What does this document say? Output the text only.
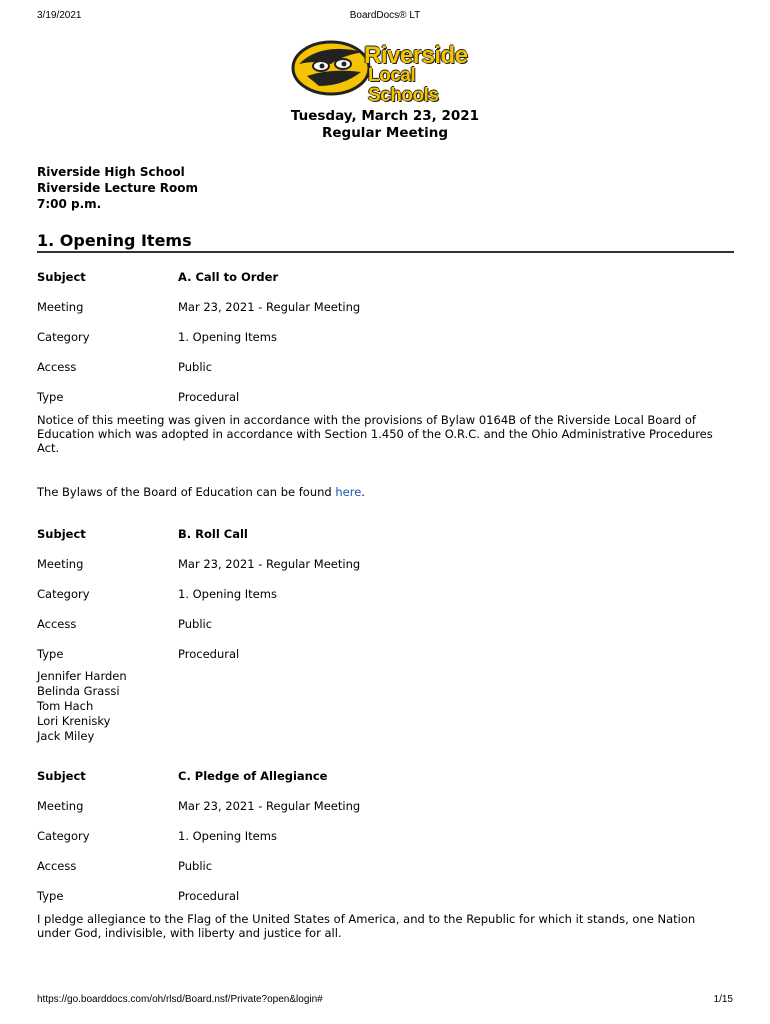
3/19/2021	BoardDocs® LT
Riverside
Local Schools
Tuesday, March 23, 2021
Regular Meeting
Riverside High School
Riverside Lecture Room
7:00 p.m.
1. Opening Items
Subject	A. Call to Order
Meeting	Mar 23, 2021 - Regular Meeting
Category	1. Opening Items
Access	Public
Type	Procedural
Notice of this meeting was given in accordance with the provisions of Bylaw 0164B of the Riverside Local Board of Education which was adopted in accordance with Section 1.450 of the O.R.C. and the Ohio Administrative Procedures Act.
The Bylaws of the Board of Education can be found here.
Subject	B. Roll Call
Meeting	Mar 23, 2021 - Regular Meeting
Category	1. Opening Items
Access	Public
Type	Procedural
Jennifer Harden
Belinda Grassi
Tom Hach
Lori Krenisky
Jack Miley
Subject	C. Pledge of Allegiance
Meeting	Mar 23, 2021 - Regular Meeting
Category	1. Opening Items
Access	Public
Type	Procedural
I pledge allegiance to the Flag of the United States of America, and to the Republic for which it stands, one Nation under God, indivisible, with liberty and justice for all.
https://go.boarddocs.com/oh/rlsd/Board.nsf/Private?open&login#	1/15
